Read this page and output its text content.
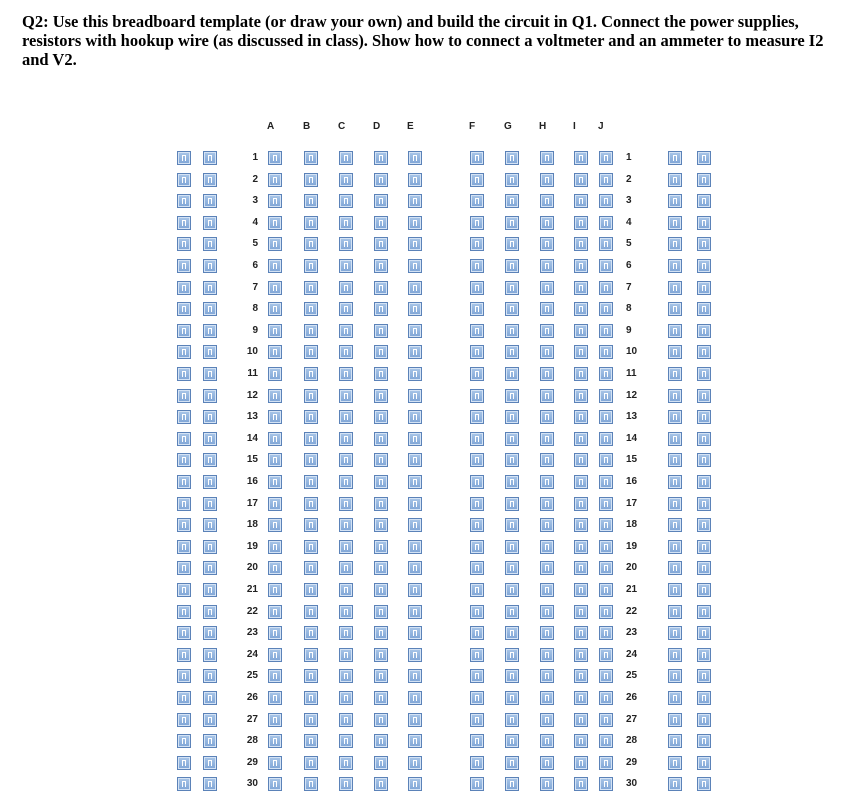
Q2: Use this breadboard template (or draw your own) and build the circuit in Q1. Connect the power supplies, resistors with hookup wire (as discussed in class). Show how to connect a voltmeter and an ammeter to measure I2 and V2.

A	B	C	D	E	F	G	H	I J
1	1
2	2
3	3
4	4
5	5
6	6
7	7
8	8
9	9
10	10
11	11
12	12
13	13
14	14
15	15
16	16
17	17
18	18
19	19
20	20
21	21
22	22
23	23
24	24
25	25
26	26
27	27
28	28
29	29
30	30
